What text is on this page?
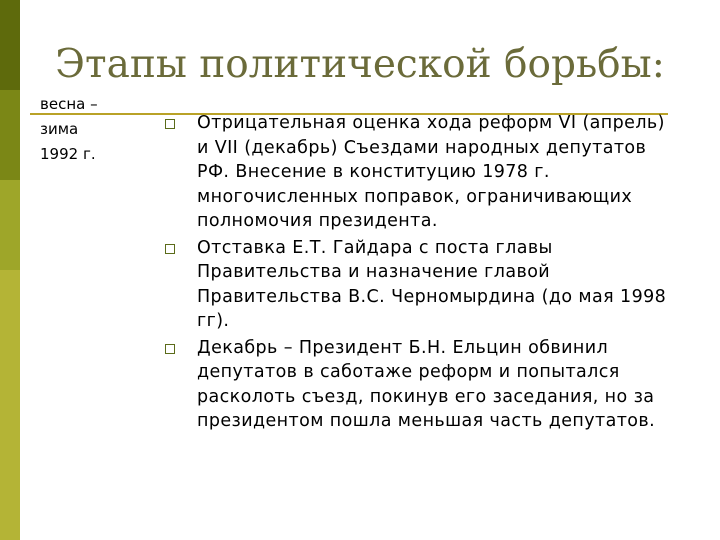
Этапы политической борьбы:
весна –
зима
1992 г.
Отрицательная оценка хода реформ VI (апрель) и VII (декабрь) Съездами народных депутатов РФ. Внесение в конституцию 1978 г. многочисленных поправок, ограничивающих полномочия президента.
Отставка Е.Т. Гайдара с поста главы Правительства и назначение главой Правительства В.С. Черномырдина (до мая 1998 гг).
Декабрь – Президент Б.Н. Ельцин обвинил депутатов в саботаже реформ и попытался расколоть съезд, покинув его заседания, но за президентом пошла меньшая часть депутатов.
